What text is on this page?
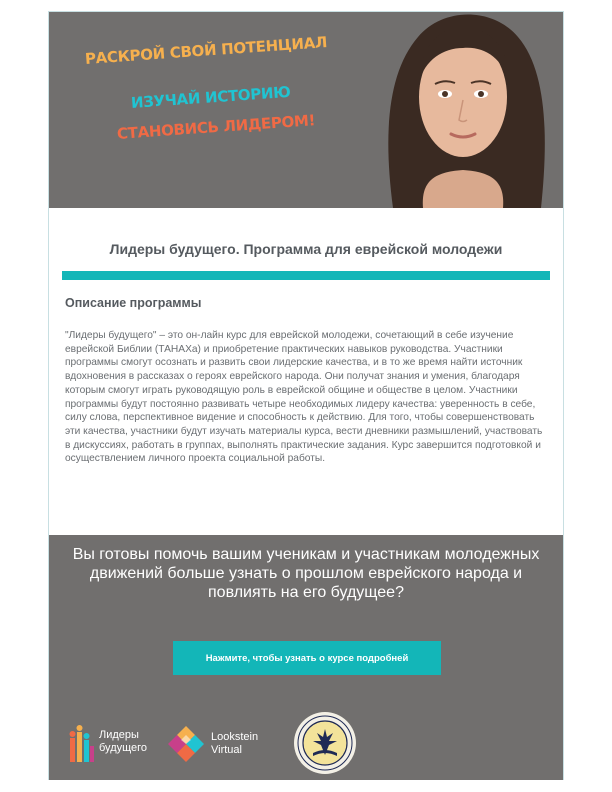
РАСКРОЙ СВОЙ ПОТЕНЦИАЛ
ИЗУЧАЙ ИСТОРИЮ
СТАНОВИСЬ ЛИДЕРОМ!
Лидеры будущего. Программа для еврейской молодежи
Описание программы

"Лидеры будущего" – это он-лайн курс для еврейской молодежи, сочетающий в себе изучение еврейской Библии (ТАНАХа) и приобретение практических навыков руководства. Участники программы смогут осознать и развить свои лидерские качества, и в то же время найти источник вдохновения в рассказах о героях еврейского народа. Они получат знания и умения, благодаря которым смогут играть руководящую роль в еврейской общине и обществе в целом. Участники программы будут постоянно развивать четыре необходимых лидеру качества: уверенность в себе, силу слова, перспективное видение и способность к действию. Для того, чтобы совершенствовать эти качества, участники будут изучать материалы курса, вести дневники размышлений, участвовать в дискуссиях, работать в группах, выполнять практические задания. Курс завершится подготовкой и осуществлением личного проекта социальной работы.

Вы готовы помочь вашим ученикам и участникам молодежных движений больше узнать о прошлом еврейского народа и повлиять на его будущее?
Нажмите, чтобы узнать о курсе подробней
Лидеры
будущего
Lookstein
Virtual
